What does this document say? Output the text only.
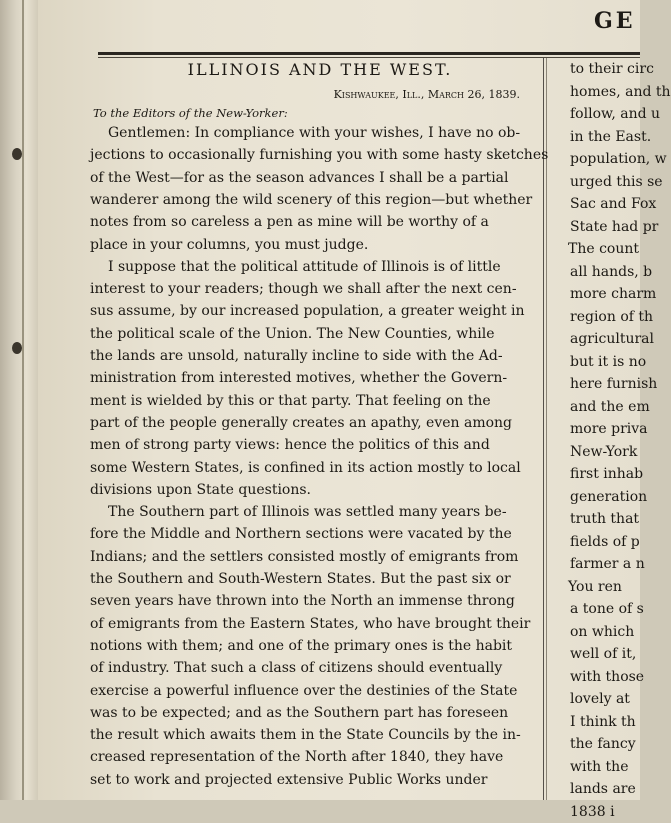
GE
ILLINOIS AND THE WEST.
Kishwaukee, Ill., March 26, 1839.
To the Editors of the New-Yorker:
Gentlemen: In compliance with your wishes, I have no ob-
jections to occasionally furnishing you with some hasty sketches
of the West—for as the season advances I shall be a partial
wanderer among the wild scenery of this region—but whether
notes from so careless a pen as mine will be worthy of a
place in your columns, you must judge.
I suppose that the political attitude of Illinois is of little
interest to your readers; though we shall after the next cen-
sus assume, by our increased population, a greater weight in
the political scale of the Union. The New Counties, while
the lands are unsold, naturally incline to side with the Ad-
ministration from interested motives, whether the Govern-
ment is wielded by this or that party. That feeling on the
part of the people generally creates an apathy, even among
men of strong party views: hence the politics of this and
some Western States, is confined in its action mostly to local
divisions upon State questions.
The Southern part of Illinois was settled many years be-
fore the Middle and Northern sections were vacated by the
Indians; and the settlers consisted mostly of emigrants from
the Southern and South-Western States. But the past six or
seven years have thrown into the North an immense throng
of emigrants from the Eastern States, who have brought their
notions with them; and one of the primary ones is the habit
of industry. That such a class of citizens should eventually
exercise a powerful influence over the destinies of the State
was to be expected; and as the Southern part has foreseen
the result which awaits them in the State Councils by the in-
creased representation of the North after 1840, they have
set to work and projected extensive Public Works under
to their circ
homes, and th
follow, and u
in the East.
population, w
urged this se
Sac and Fox
State had pr
The count
all hands, b
more charm
region of th
agricultural
but it is no
here furnish
and the em
more priva
New-York
first inhab
generation
truth that
fields of p
farmer a n
You ren
a tone of s
on which
well of it,
with those
lovely at
I think th
the fancy
with the
lands are
1838 i
